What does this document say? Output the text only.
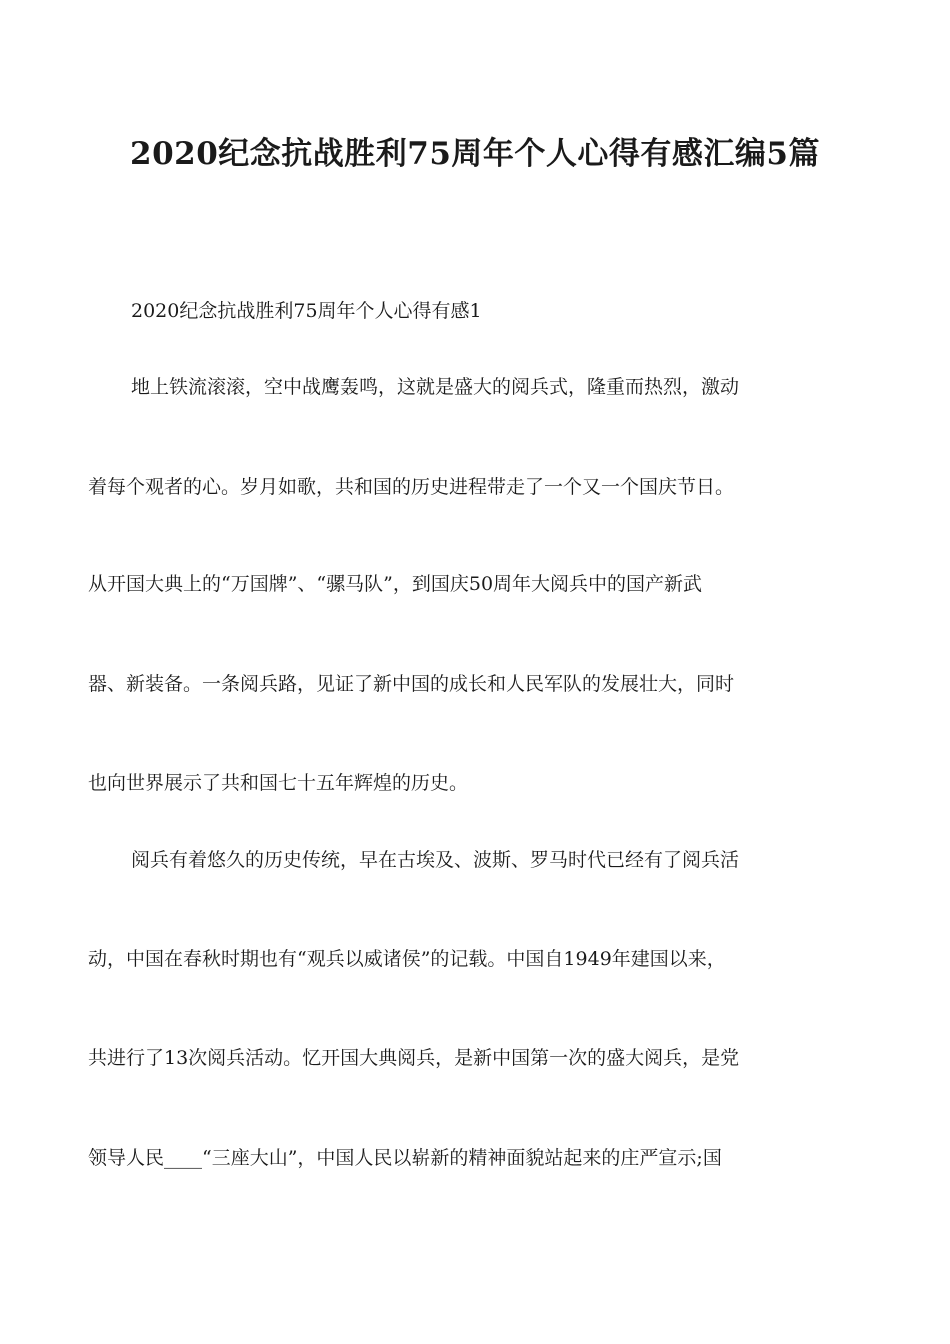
2020纪念抗战胜利75周年个人心得有感汇编5篇

2020纪念抗战胜利75周年个人心得有感1

地上铁流滚滚，空中战鹰轰鸣，这就是盛大的阅兵式，隆重而热烈，激动

着每个观者的心。岁月如歌，共和国的历史进程带走了一个又一个国庆节日。

从开国大典上的“万国牌”、“骡马队”，到国庆50周年大阅兵中的国产新武

器、新装备。一条阅兵路，见证了新中国的成长和人民军队的发展壮大，同时

也向世界展示了共和国七十五年辉煌的历史。

阅兵有着悠久的历史传统，早在古埃及、波斯、罗马时代已经有了阅兵活

动，中国在春秋时期也有“观兵以威诸侯”的记载。中国自1949年建国以来，

共进行了13次阅兵活动。忆开国大典阅兵，是新中国第一次的盛大阅兵，是党

领导人民____“三座大山”，中国人民以崭新的精神面貌站起来的庄严宣示;国
